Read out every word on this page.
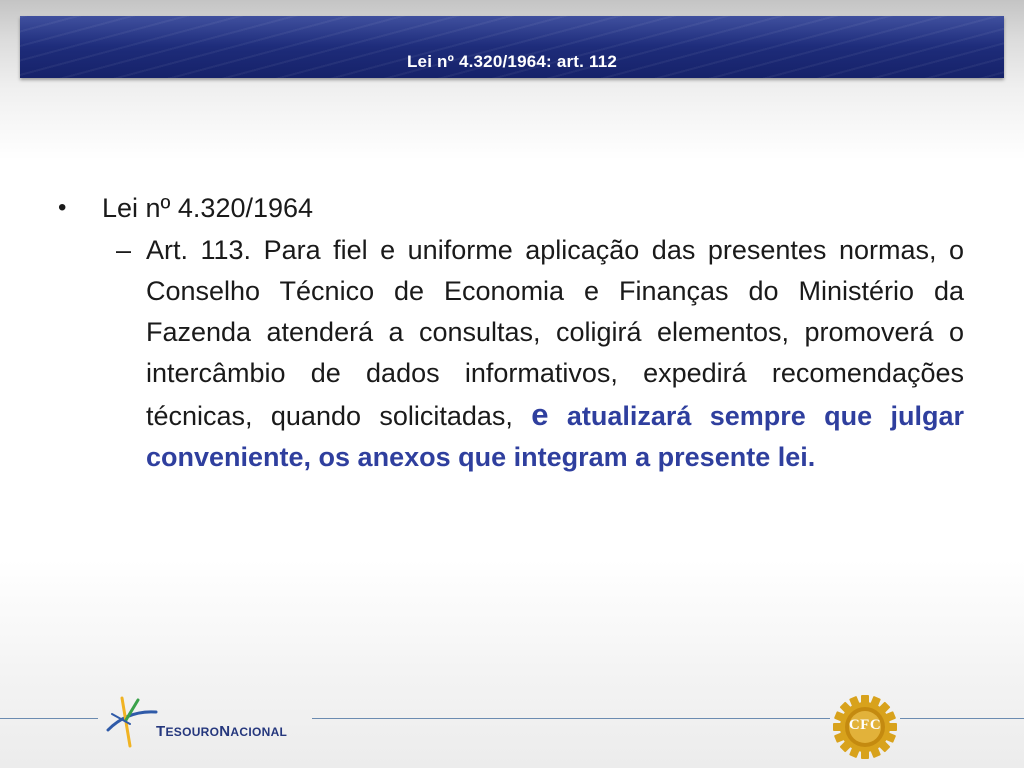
Lei nº 4.320/1964: art. 112
•	Lei nº 4.320/1964
– Art. 113. Para fiel e uniforme aplicação das presentes normas, o Conselho Técnico de Economia e Finanças do Ministério da Fazenda atenderá a consultas, coligirá elementos, promoverá o intercâmbio de dados informativos, expedirá recomendações técnicas, quando solicitadas, e atualizará sempre que julgar conveniente, os anexos que integram a presente lei.
TESOURONACIONAL	CFC
